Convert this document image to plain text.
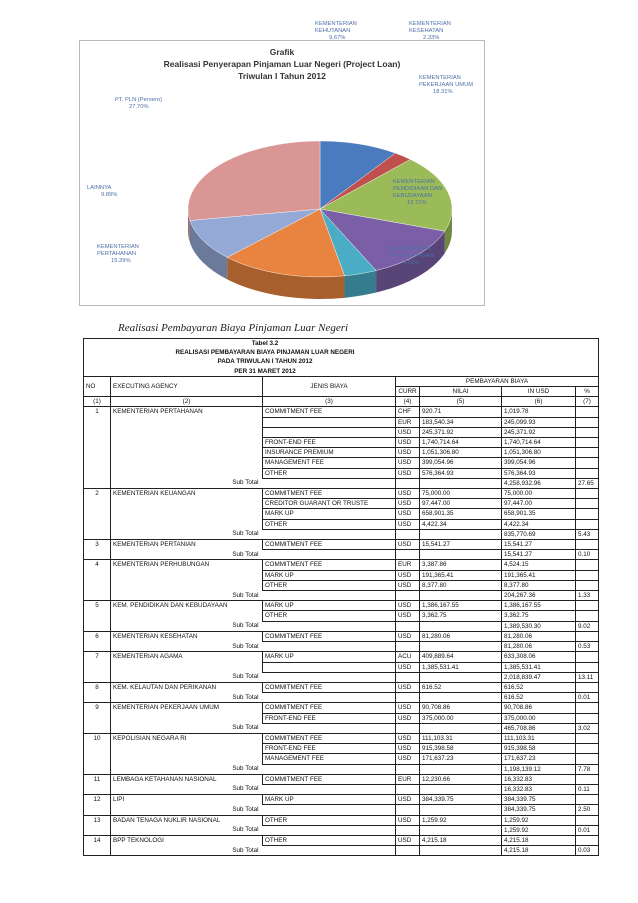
Grafik
Realisasi Penyerapan Pinjaman Luar Negeri (Project Loan)
Triwulan I Tahun 2012
KEMENTERIAN KEHUTANAN 9.67%
KEMENTERIAN KESEHATAN 2.33%
KEMENTERIAN PEKERJAAN UMUM 18.31%
KEMENTERIAN PENDIDIKAN DAN KEBUDAYAAN 12.71%
KEMENTERIAN PERHUBUNGAN 4.01%
KEMENTERIAN PERTAHANAN 15.39%
LAINNYA 9.89%
PT. PLN (Persero) 27.70%
Realisasi Pembayaran Biaya Pinjaman Luar Negeri
	Tabel 3.2					
	REALISASI PEMBAYARAN BIAYA PINJAMAN LUAR NEGERI					
	PADA TRIWULAN I TAHUN 2012					
	PER 31 MARET 2012					
NO	EXECUTING AGENCY	JENIS BIAYA	PEMBAYARAN BIAYA			
			CURR	NILAI	IN USD	%
(1)	(2)	(3)	(4)	(5)	(6)	(7)
1	KEMENTERIAN PERTAHANAN	COMMITMENT FEE	CHF	920.71	1,019.78	
			EUR	183,540.34	245,099.93	
			USD	245,371.92	245,371.92	
		FRONT-END FEE	USD	1,740,714.64	1,740,714.64	
		INSURANCE PREMIUM	USD	1,051,306.80	1,051,306.80	
		MANAGEMENT FEE	USD	399,054.96	399,054.96	
		OTHER	USD	576,364.93	576,364.93	
	Sub Total				4,258,932.96	27.65
2	KEMENTERIAN KEUANGAN	COMMITMENT FEE	USD	75,000.00	75,000.00	
		CREDITOR GUARANT OR TRUSTE	USD	97,447.00	97,447.00	
		MARK UP	USD	658,901.35	658,901.35	
		OTHER	USD	4,422.34	4,422.34	
	Sub Total				835,770.69	5.43
3	KEMENTERIAN PERTANIAN	COMMITMENT FEE	USD	15,541.27	15,541.27	
	Sub Total				15,541.27	0.10
4	KEMENTERIAN PERHUBUNGAN	COMMITMENT FEE	EUR	3,387.86	4,524.15	
		MARK UP	USD	191,365.41	191,365.41	
		OTHER	USD	8,377.80	8,377.80	
	Sub Total				204,267.36	1.33
5	KEM. PENDIDIKAN DAN KEBUDAYAAN	MARK UP	USD	1,386,167.55	1,386,167.55	
		OTHER	USD	3,362.75	3,362.75	
	Sub Total				1,389,530.30	9.02
6	KEMENTERIAN KESEHATAN	COMMITMENT FEE	USD	81,280.06	81,280.06	
	Sub Total				81,280.06	0.53
7	KEMENTERIAN AGAMA	MARK UP	ACU	409,889.64	633,308.06	
			USD	1,385,531.41	1,385,531.41	
	Sub Total				2,018,839.47	13.11
8	KEM. KELAUTAN DAN PERIKANAN	COMMITMENT FEE	USD	616.52	616.52	
	Sub Total				616.52	0.01
9	KEMENTERIAN PEKERJAAN UMUM	COMMITMENT FEE	USD	90,708.86	90,708.86	
		FRONT-END FEE	USD	375,000.00	375,000.00	
	Sub Total				465,708.86	3.02
10	KEPOLISIAN NEGARA RI	COMMITMENT FEE	USD	111,103.31	111,103.31	
		FRONT-END FEE	USD	915,398.58	915,398.58	
		MANAGEMENT FEE	USD	171,637.23	171,637.23	
	Sub Total				1,198,139.12	7.78
11	LEMBAGA KETAHANAN NASIONAL	COMMITMENT FEE	EUR	12,230.66	16,332.83	
	Sub Total				16,332.83	0.11
12	LIPI	MARK UP	USD	384,339.75	384,339.75	
	Sub Total				384,339.75	2.50
13	BADAN TENAGA NUKLIR NASIONAL	OTHER	USD	1,259.92	1,259.92	
	Sub Total				1,259.92	0.01
14	BPP TEKNOLOGI	OTHER	USD	4,215.18	4,215.18	
	Sub Total				4,215.18	0.03
